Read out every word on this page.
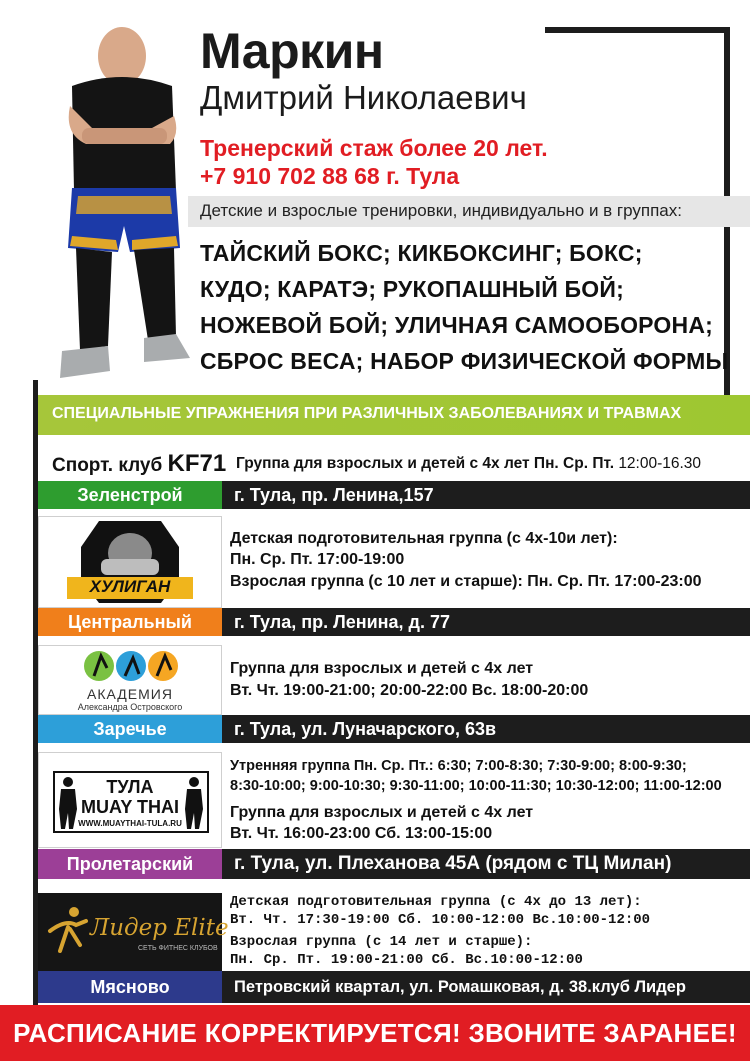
Маркин
Дмитрий Николаевич
Тренерский стаж более 20 лет.
+7 910 702 88 68 г. Тула
Детские и взрослые тренировки, индивидуально и в группах:
ТАЙСКИЙ БОКС; КИКБОКСИНГ; БОКС;
КУДО; КАРАТЭ; РУКОПАШНЫЙ БОЙ;
НОЖЕВОЙ БОЙ; УЛИЧНАЯ САМООБОРОНА;
СБРОС ВЕСА; НАБОР ФИЗИЧЕСКОЙ ФОРМЫ
СПЕЦИАЛЬНЫЕ УПРАЖНЕНИЯ ПРИ РАЗЛИЧНЫХ ЗАБОЛЕВАНИЯХ И ТРАВМАХ
Спорт. клуб KF71 Группа для взрослых и детей с 4х лет Пн. Ср. Пт. 12:00-16.30
г. Тула, пр. Ленина,157
Зеленстрой
ХУЛИГАН
Детская подготовительная группа (с 4х-10и лет):
Пн. Ср. Пт. 17:00-19:00
Взрослая группа (с 10 лет и старше): Пн. Ср. Пт. 17:00-23:00
г. Тула, пр. Ленина, д. 77
Центральный
АКАДЕМИЯ
Александра Островского
Группа для взрослых и детей с 4х лет
Вт. Чт. 19:00-21:00; 20:00-22:00 Вс. 18:00-20:00
г. Тула, ул. Луначарского, 63в
Заречье
ТУЛА
MUAY THAI
WWW.MUAYTHAI-TULA.RU
Утренняя группа Пн. Ср. Пт.: 6:30; 7:00-8:30; 7:30-9:00; 8:00-9:30;
8:30-10:00; 9:00-10:30; 9:30-11:00; 10:00-11:30; 10:30-12:00; 11:00-12:00
Группа для взрослых и детей с 4х лет
Вт. Чт. 16:00-23:00 Сб. 13:00-15:00
г. Тула, ул. Плеханова 45А (рядом с ТЦ Милан)
Пролетарский
Лидер Elite
СЕТЬ ФИТНЕС КЛУБОВ
Детская подготовительная группа (с 4х до 13 лет):
Вт. Чт. 17:30-19:00 Сб. 10:00-12:00 Вс.10:00-12:00
Взрослая группа (с 14 лет и старше):
Пн. Ср. Пт. 19:00-21:00 Сб. Вс.10:00-12:00
Петровский квартал, ул. Ромашковая, д. 38.клуб Лидер
Мясново
РАСПИСАНИЕ КОРРЕКТИРУЕТСЯ! ЗВОНИТЕ ЗАРАНЕЕ!
